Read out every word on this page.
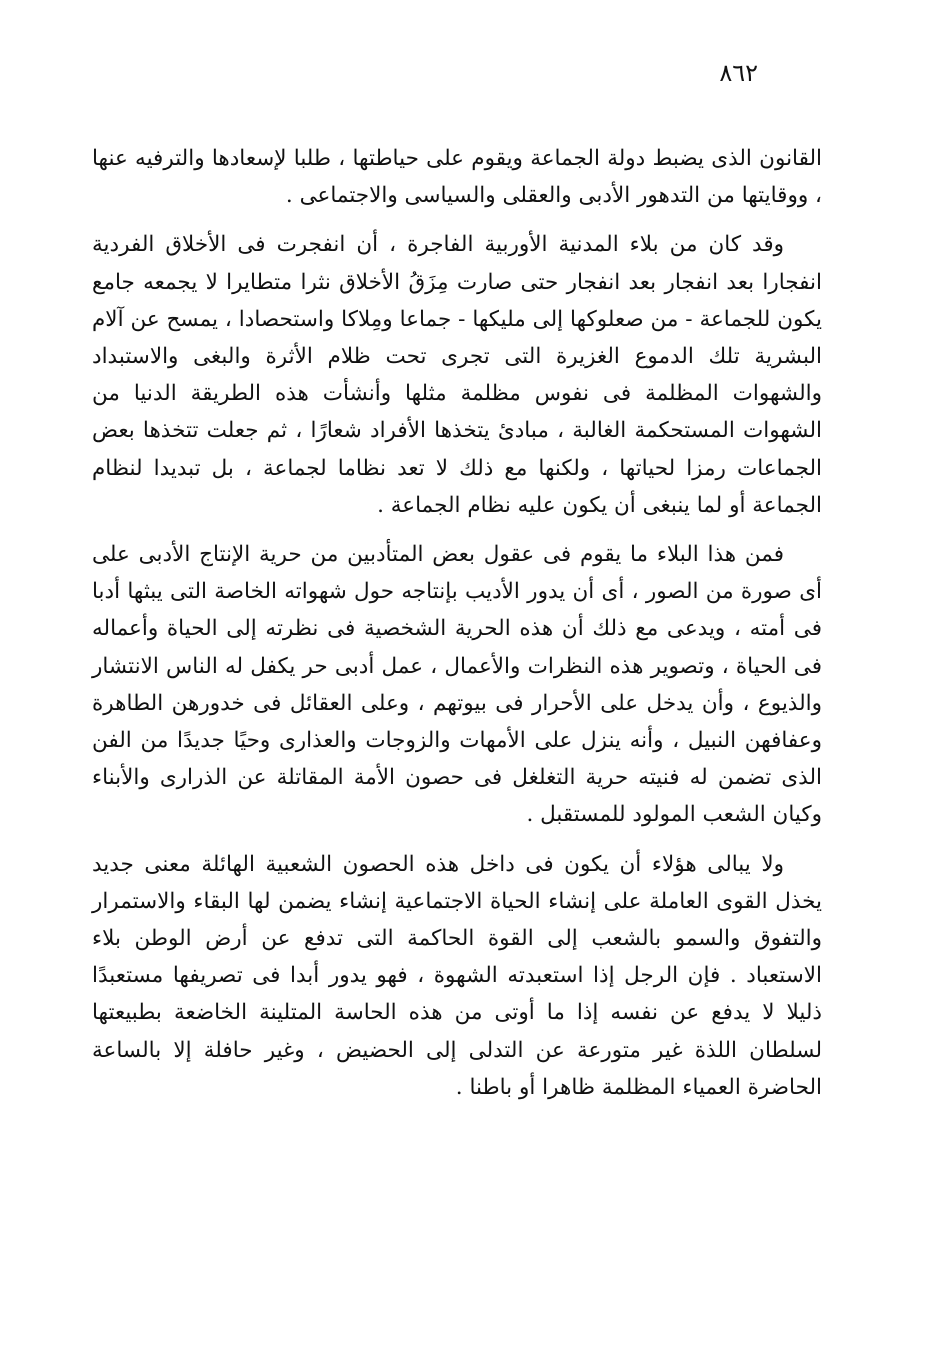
٨٦٢

القانون الذى يضبط دولة الجماعة ويقوم على حياطتها ، طلبا لإسعادها والترفيه عنها ، ووقايتها من التدهور الأدبى والعقلى والسياسى والاجتماعى .

وقد كان من بلاء المدنية الأوربية الفاجرة ، أن انفجرت فى الأخلاق الفردية انفجارا بعد انفجار بعد انفجار حتى صارت مِزَقُ الأخلاق نثرا متطايرا لا يجمعه جامع يكون للجماعة - من صعلوكها إلى مليكها - جماعا ومِلاكا واستحصادا ، يمسح عن آلام البشرية تلك الدموع الغزيرة التى تجرى تحت ظلام الأثرة والبغى والاستبداد والشهوات المظلمة فى نفوس مظلمة مثلها وأنشأت هذه الطريقة الدنيا من الشهوات المستحكمة الغالبة ، مبادئ يتخذها الأفراد شعارًا ، ثم جعلت تتخذها بعض الجماعات رمزا لحياتها ، ولكنها مع ذلك لا تعد نظاما لجماعة ، بل تبديدا لنظام الجماعة أو لما ينبغى أن يكون عليه نظام الجماعة .

فمن هذا البلاء ما يقوم فى عقول بعض المتأدبين من حرية الإنتاج الأدبى على أى صورة من الصور ، أى أن يدور الأديب بإنتاجه حول شهواته الخاصة التى يبثها أدبا فى أمته ، ويدعى مع ذلك أن هذه الحرية الشخصية فى نظرته إلى الحياة وأعماله فى الحياة ، وتصوير هذه النظرات والأعمال ، عمل أدبى حر يكفل له الناس الانتشار والذيوع ، وأن يدخل على الأحرار فى بيوتهم ، وعلى العقائل فى خدورهن الطاهرة وعفافهن النبيل ، وأنه ينزل على الأمهات والزوجات والعذارى وحيًا جديدًا من الفن الذى تضمن له فنيته حرية التغلغل فى حصون الأمة المقاتلة عن الذرارى والأبناء وكيان الشعب المولود للمستقبل .

ولا يبالى هؤلاء أن يكون فى داخل هذه الحصون الشعبية الهائلة معنى جديد يخذل القوى العاملة على إنشاء الحياة الاجتماعية إنشاء يضمن لها البقاء والاستمرار والتفوق والسمو بالشعب إلى القوة الحاكمة التى تدفع عن أرض الوطن بلاء الاستعباد . فإن الرجل إذا استعبدته الشهوة ، فهو يدور أبدا فى تصريفها مستعبدًا ذليلا لا يدفع عن نفسه إذا ما أوتى من هذه الحاسة المتلينة الخاضعة بطبيعتها لسلطان اللذة غير متورعة عن التدلى إلى الحضيض ، وغير حافلة إلا بالساعة الحاضرة العمياء المظلمة ظاهرا أو باطنا .
